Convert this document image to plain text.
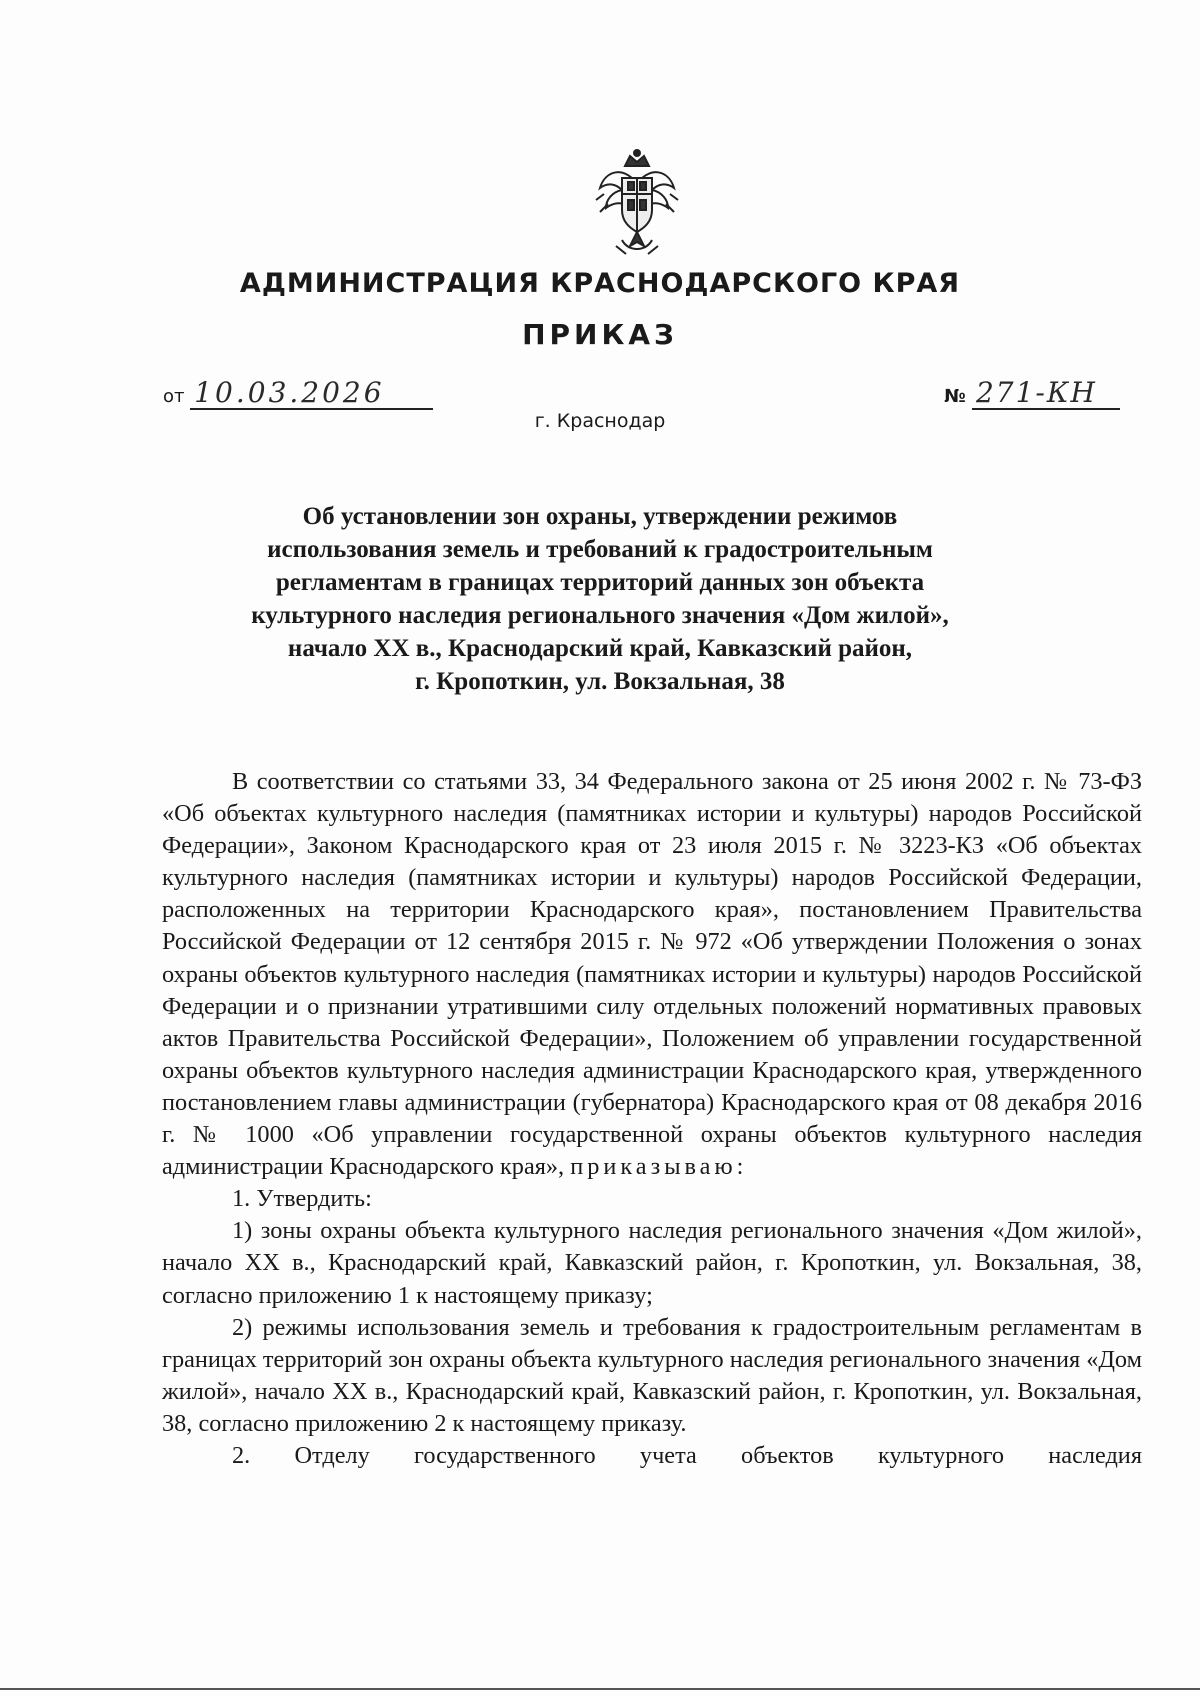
АДМИНИСТРАЦИЯ КРАСНОДАРСКОГО КРАЯ
ПРИКАЗ
от 10.03.2026	№ 271-КН
г. Краснодар
Об установлении зон охраны, утверждении режимов
использования земель и требований к градостроительным
регламентам в границах территорий данных зон объекта
культурного наследия регионального значения «Дом жилой»,
начало XX в., Краснодарский край, Кавказский район,
г. Кропоткин, ул. Вокзальная, 38

В соответствии со статьями 33, 34 Федерального закона от 25 июня 2002 г. № 73-ФЗ «Об объектах культурного наследия (памятниках истории и культуры) народов Российской Федерации», Законом Краснодарского края от 23 июля 2015 г. № 3223-КЗ «Об объектах культурного наследия (памятниках истории и культуры) народов Российской Федерации, расположенных на территории Краснодарского края», постановлением Правительства Российской Федерации от 12 сентября 2015 г. № 972 «Об утверждении Положения о зонах охраны объектов культурного наследия (памятниках истории и культуры) народов Российской Федерации и о признании утратившими силу отдельных положений нормативных правовых актов Правительства Российской Федерации», Положением об управлении государственной охраны объектов культурного наследия администрации Краснодарского края, утвержденного постановлением главы администрации (губернатора) Краснодарского края от 08 декабря 2016 г. № 1000 «Об управлении государственной охраны объектов культурного наследия администрации Краснодарского края», приказываю:

1. Утвердить:

1) зоны охраны объекта культурного наследия регионального значения «Дом жилой», начало XX в., Краснодарский край, Кавказский район, г. Кропоткин, ул. Вокзальная, 38, согласно приложению 1 к настоящему приказу;

2) режимы использования земель и требования к градостроительным регламентам в границах территорий зон охраны объекта культурного наследия регионального значения «Дом жилой», начало XX в., Краснодарский край, Кавказский район, г. Кропоткин, ул. Вокзальная, 38, согласно приложению 2 к настоящему приказу.

2. Отделу государственного учета объектов культурного наследия
